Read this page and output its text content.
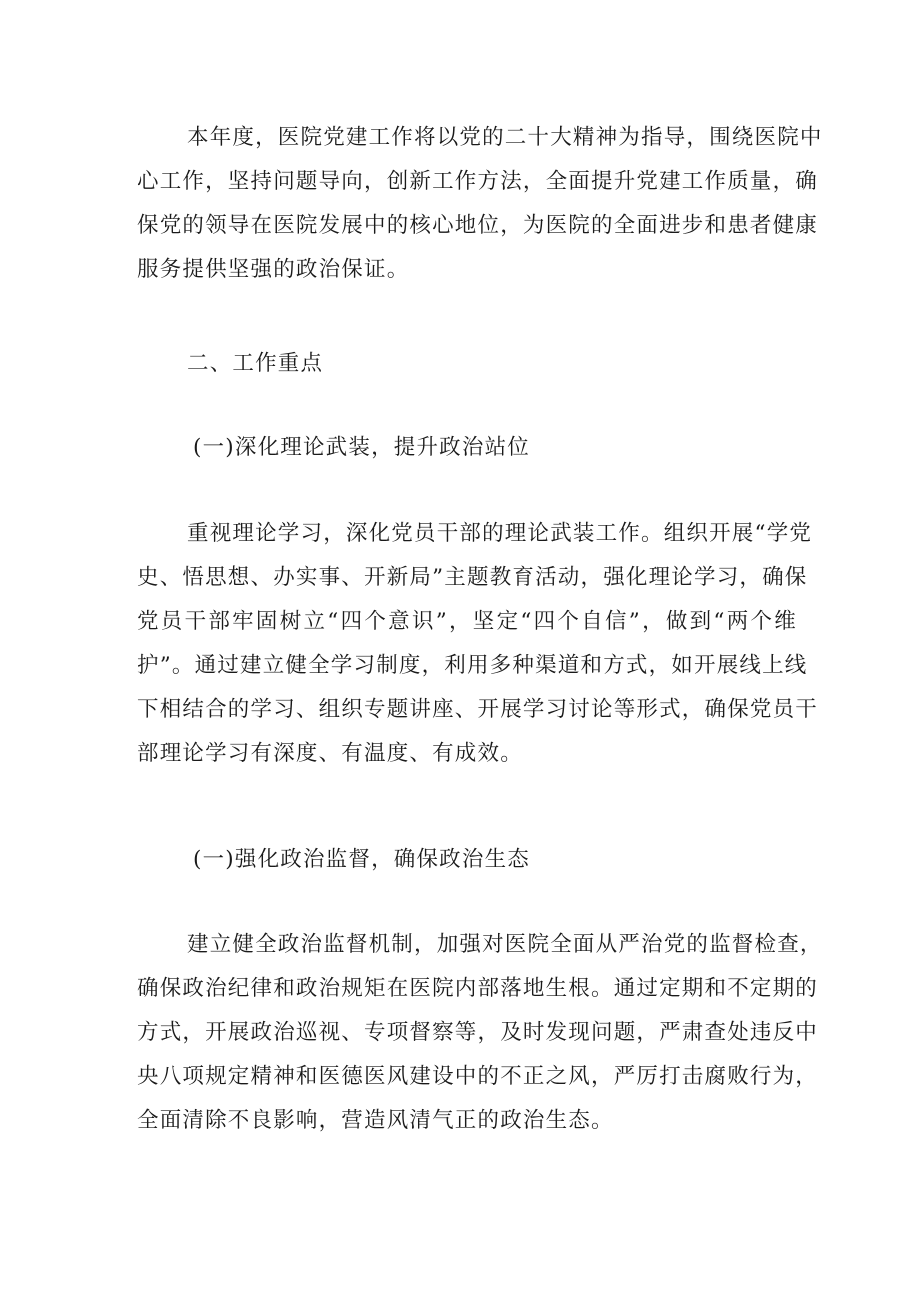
本年度，医院党建工作将以党的二十大精神为指导，围绕医院中
心工作，坚持问题导向，创新工作方法，全面提升党建工作质量，确
保党的领导在医院发展中的核心地位，为医院的全面进步和患者健康
服务提供坚强的政治保证。
二、工作重点
(一)深化理论武装，提升政治站位
重视理论学习，深化党员干部的理论武装工作。组织开展“学党
史、悟思想、办实事、开新局”主题教育活动，强化理论学习，确保
党员干部牢固树立“四个意识”，坚定“四个自信”，做到“两个维
护”。通过建立健全学习制度，利用多种渠道和方式，如开展线上线
下相结合的学习、组织专题讲座、开展学习讨论等形式，确保党员干
部理论学习有深度、有温度、有成效。
(一)强化政治监督，确保政治生态
建立健全政治监督机制，加强对医院全面从严治党的监督检查，
确保政治纪律和政治规矩在医院内部落地生根。通过定期和不定期的
方式，开展政治巡视、专项督察等，及时发现问题，严肃查处违反中
央八项规定精神和医德医风建设中的不正之风，严厉打击腐败行为，
全面清除不良影响，营造风清气正的政治生态。
